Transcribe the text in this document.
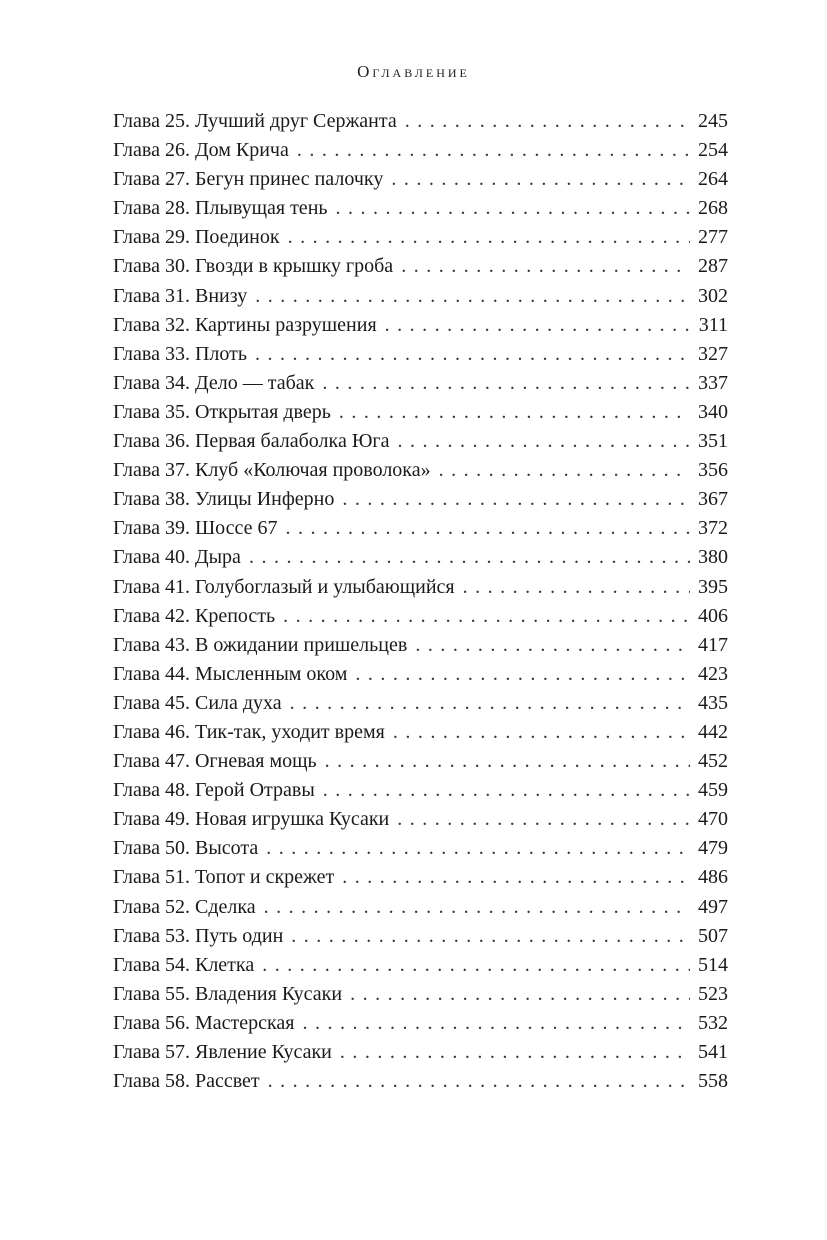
Оглавление
Глава 25. Лучший друг Сержанта . . .	245
Глава 26. Дом Крича . . .	254
Глава 27. Бегун принес палочку . . .	264
Глава 28. Плывущая тень . . .	268
Глава 29. Поединок . . .	277
Глава 30. Гвозди в крышку гроба . . .	287
Глава 31. Внизу . . .	302
Глава 32. Картины разрушения . . .	311
Глава 33. Плоть . . .	327
Глава 34. Дело — табак . . .	337
Глава 35. Открытая дверь . . .	340
Глава 36. Первая балаболка Юга . . .	351
Глава 37. Клуб «Колючая проволока» . . .	356
Глава 38. Улицы Инферно . . .	367
Глава 39. Шоссе 67 . . .	372
Глава 40. Дыра . . .	380
Глава 41. Голубоглазый и улыбающийся . . .	395
Глава 42. Крепость . . .	406
Глава 43. В ожидании пришельцев . . .	417
Глава 44. Мысленным оком . . .	423
Глава 45. Сила духа . . .	435
Глава 46. Тик-так, уходит время . . .	442
Глава 47. Огневая мощь . . .	452
Глава 48. Герой Отравы . . .	459
Глава 49. Новая игрушка Кусаки . . .	470
Глава 50. Высота . . .	479
Глава 51. Топот и скрежет . . .	486
Глава 52. Сделка . . .	497
Глава 53. Путь один . . .	507
Глава 54. Клетка . . .	514
Глава 55. Владения Кусаки . . .	523
Глава 56. Мастерская . . .	532
Глава 57. Явление Кусаки . . .	541
Глава 58. Рассвет . . .	558
